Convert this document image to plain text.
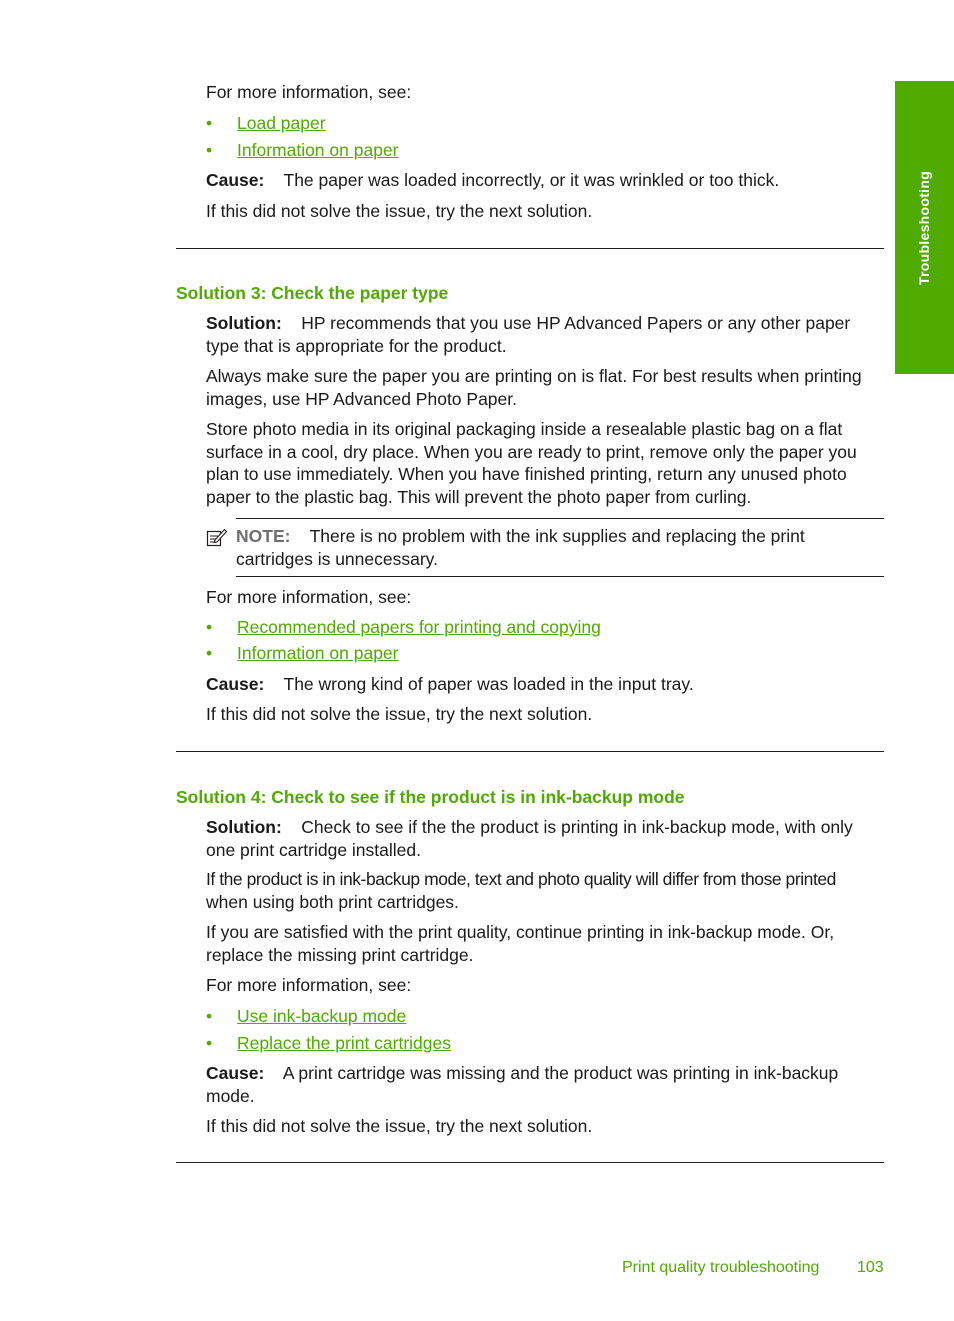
Troubleshooting
For more information, see:
• Load paper
• Information on paper
Cause: The paper was loaded incorrectly, or it was wrinkled or too thick.
If this did not solve the issue, try the next solution.
Solution 3: Check the paper type
Solution: HP recommends that you use HP Advanced Papers or any other paper
type that is appropriate for the product.
Always make sure the paper you are printing on is flat. For best results when printing
images, use HP Advanced Photo Paper.
Store photo media in its original packaging inside a resealable plastic bag on a flat
surface in a cool, dry place. When you are ready to print, remove only the paper you
plan to use immediately. When you have finished printing, return any unused photo
paper to the plastic bag. This will prevent the photo paper from curling.
NOTE: There is no problem with the ink supplies and replacing the print
cartridges is unnecessary.
For more information, see:
• Recommended papers for printing and copying
• Information on paper
Cause: The wrong kind of paper was loaded in the input tray.
If this did not solve the issue, try the next solution.
Solution 4: Check to see if the product is in ink-backup mode
Solution: Check to see if the the product is printing in ink-backup mode, with only
one print cartridge installed.
If the product is in ink-backup mode, text and photo quality will differ from those printed
when using both print cartridges.
If you are satisfied with the print quality, continue printing in ink-backup mode. Or,
replace the missing print cartridge.
For more information, see:
• Use ink-backup mode
• Replace the print cartridges
Cause: A print cartridge was missing and the product was printing in ink-backup
mode.
If this did not solve the issue, try the next solution.
Print quality troubleshooting 103
